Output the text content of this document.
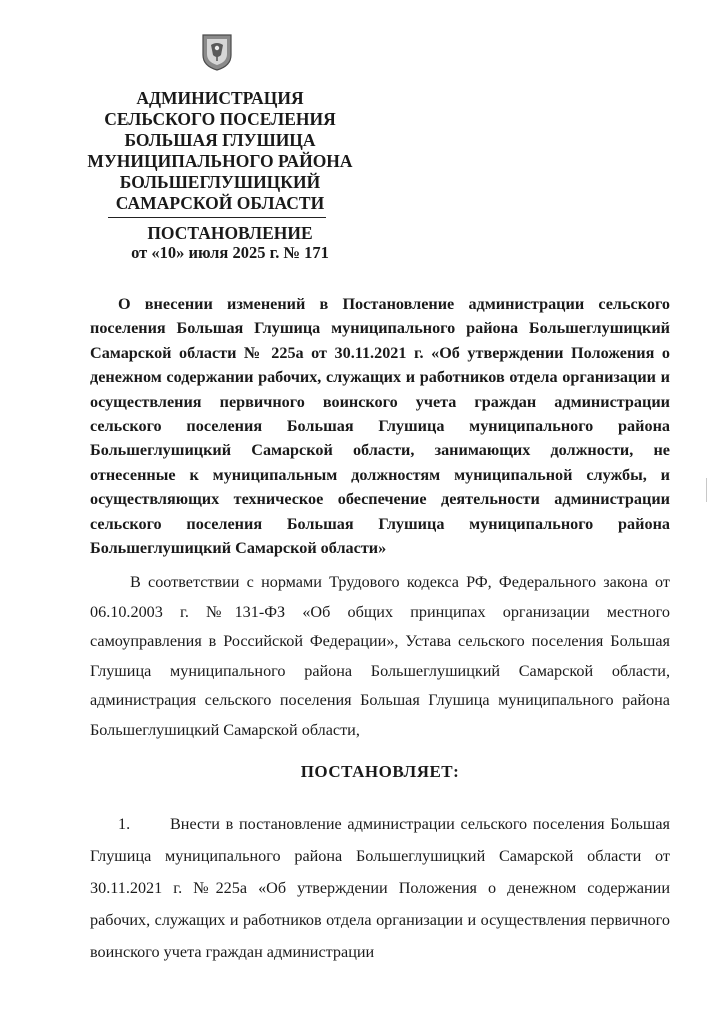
АДМИНИСТРАЦИЯ
СЕЛЬСКОГО ПОСЕЛЕНИЯ
БОЛЬШАЯ ГЛУШИЦА
МУНИЦИПАЛЬНОГО РАЙОНА
БОЛЬШЕГЛУШИЦКИЙ
САМАРСКОЙ ОБЛАСТИ
ПОСТАНОВЛЕНИЕ
от «10» июля 2025 г. № 171
О внесении изменений в Постановление администрации сельского поселения Большая Глушица муниципального района Большеглушицкий Самарской области № 225а от 30.11.2021 г. «Об утверждении Положения о денежном содержании рабочих, служащих и работников отдела организации и осуществления первичного воинского учета граждан администрации сельского поселения Большая Глушица муниципального района Большеглушицкий Самарской области, занимающих должности, не отнесенные к муниципальным должностям муниципальной службы, и осуществляющих техническое обеспечение деятельности администрации сельского поселения Большая Глушица муниципального района Большеглушицкий Самарской области»
В соответствии с нормами Трудового кодекса РФ, Федерального закона от 06.10.2003 г. №131-ФЗ «Об общих принципах организации местного самоуправления в Российской Федерации», Устава сельского поселения Большая Глушица муниципального района Большеглушицкий Самарской области, администрация сельского поселения Большая Глушица муниципального района Большеглушицкий Самарской области,
ПОСТАНОВЛЯЕТ:
1. Внести в постановление администрации сельского поселения Большая Глушица муниципального района Большеглушицкий Самарской области от 30.11.2021 г. №225а «Об утверждении Положения о денежном содержании рабочих, служащих и работников отдела организации и осуществления первичного воинского учета граждан администрации
